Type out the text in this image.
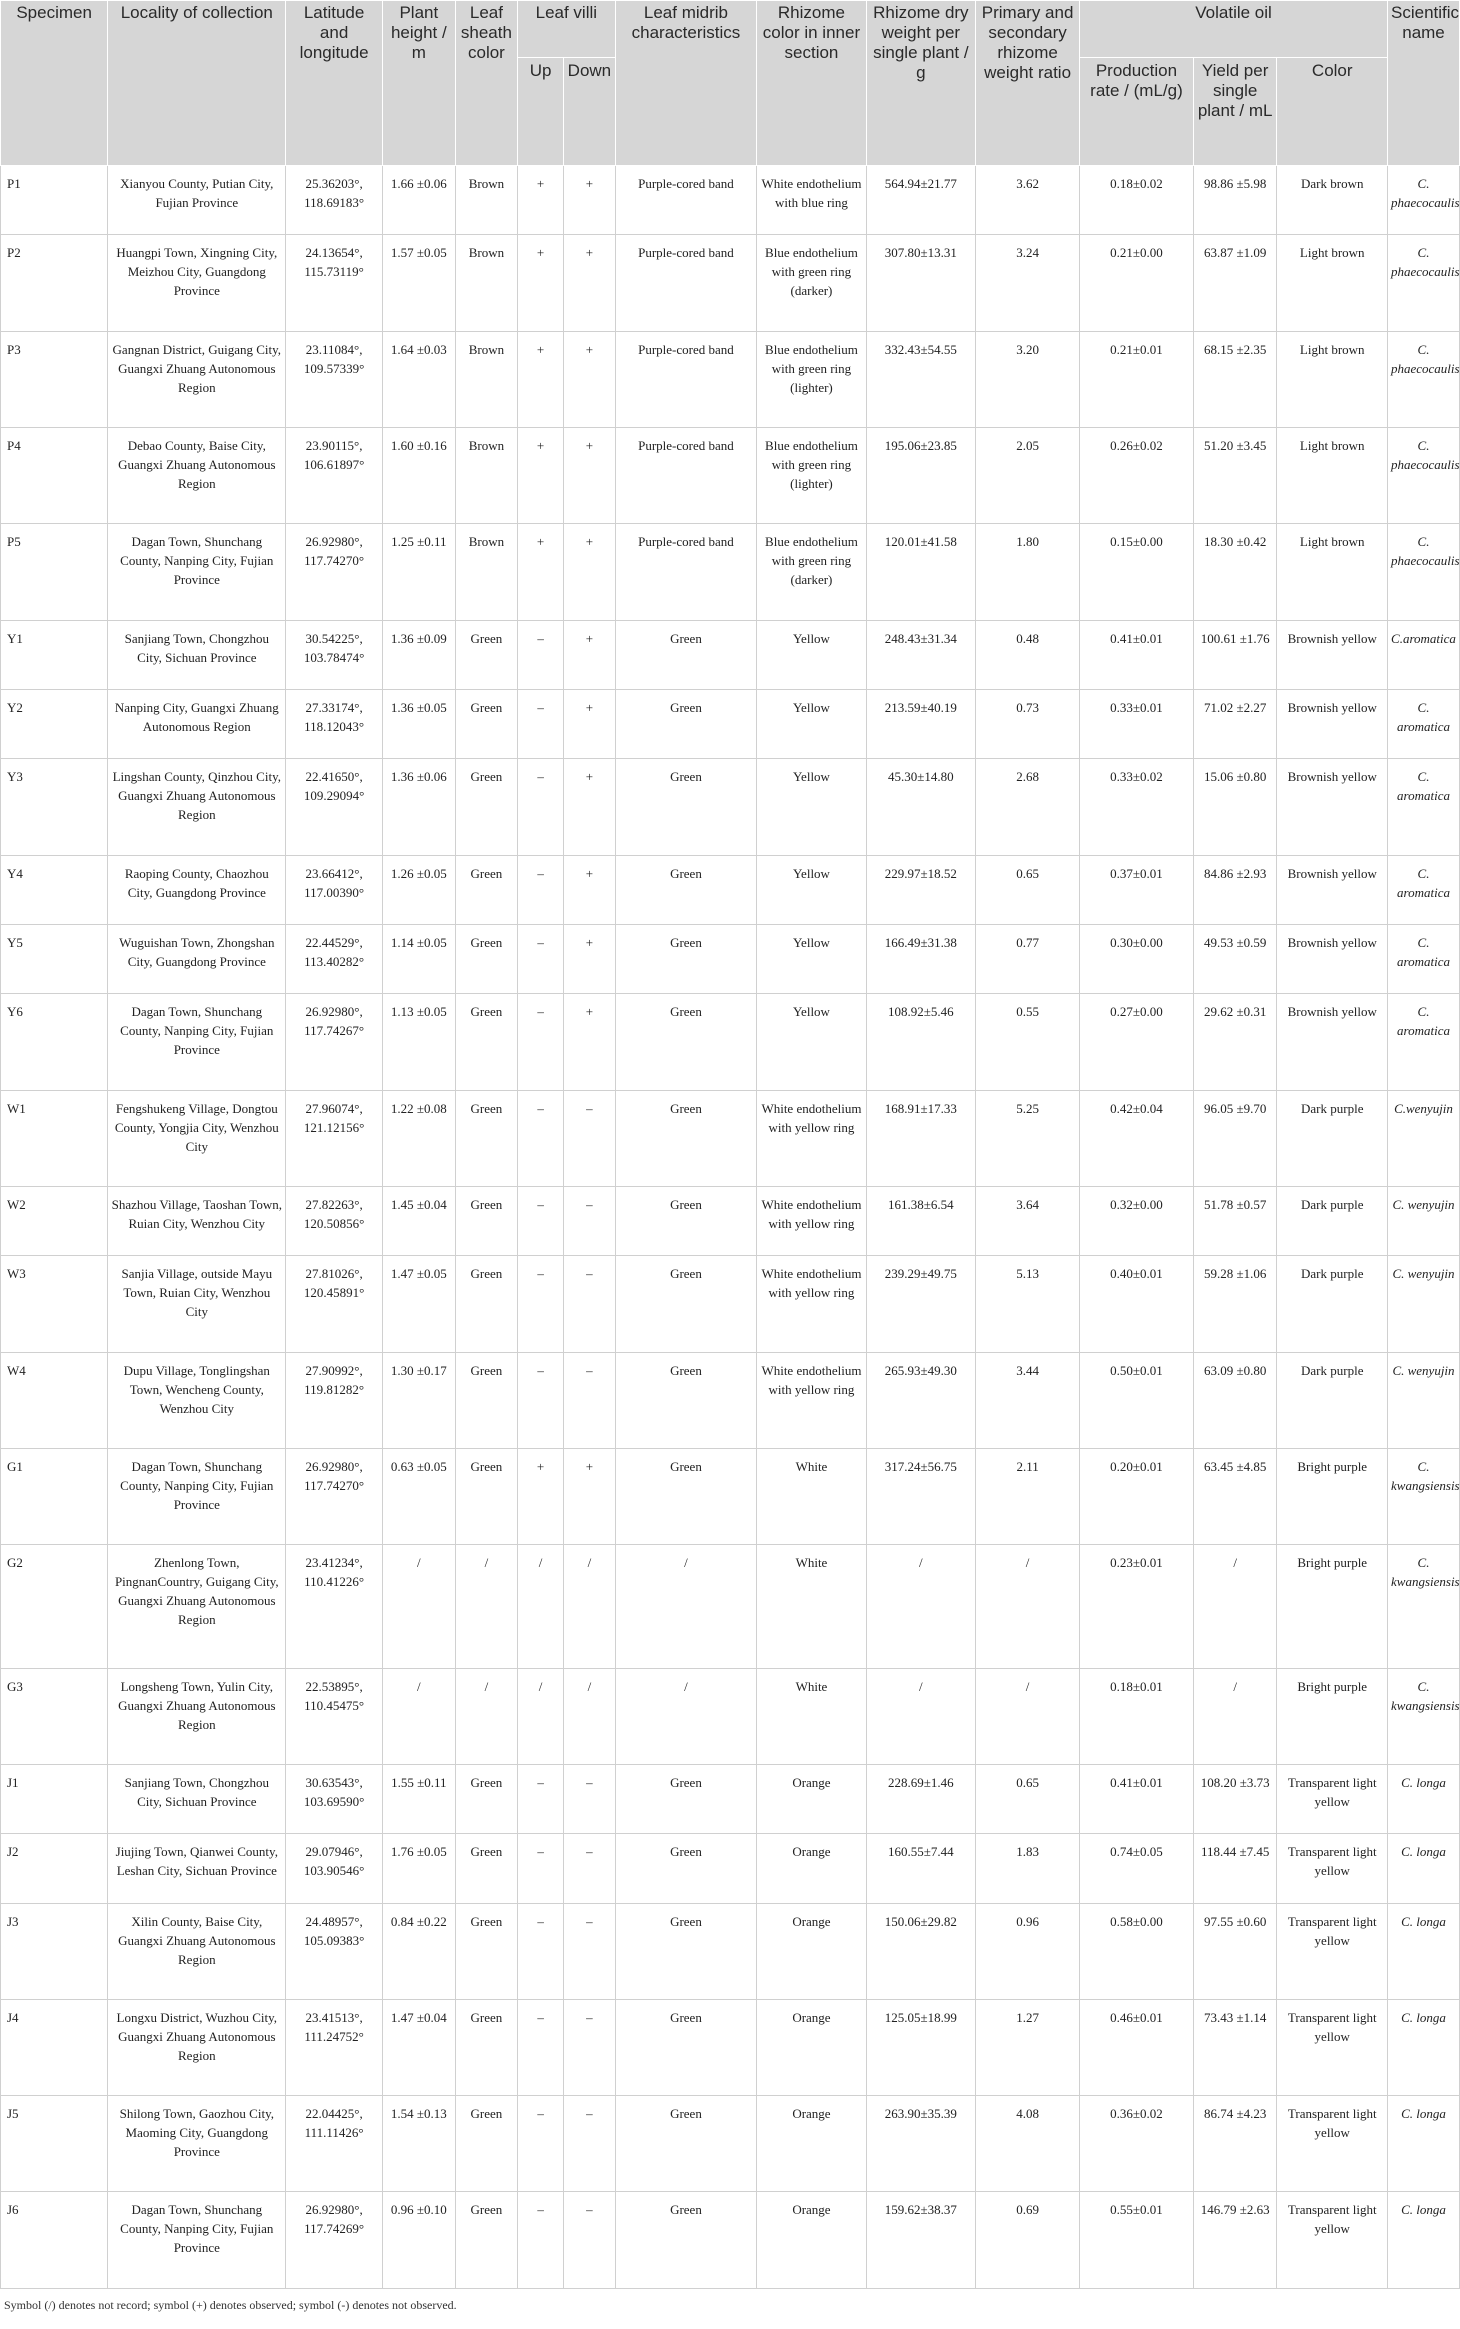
Specimen	Locality of collection	Latitude and longitude	Plant height / m	Leaf sheath color	Leaf villi		Leaf midrib characteristics	Rhizome color in inner section	Rhizome dry weight per single plant / g	Primary and secondary rhizome weight ratio	Volatile oil			Scientific name
					Up	Down					Production rate / (mL/g)	Yield per single plant / mL	Color	
P1	Xianyou County, Putian City, Fujian Province	25.36203°, 118.69183°	1.66 ±0.06	Brown	+	+	Purple-cored band	White endothelium with blue ring	564.94±21.77	3.62	0.18±0.02	98.86 ±5.98	Dark brown	C. phaecocaulis
P2	Huangpi Town, Xingning City, Meizhou City, Guangdong Province	24.13654°, 115.73119°	1.57 ±0.05	Brown	+	+	Purple-cored band	Blue endothelium with green ring (darker)	307.80±13.31	3.24	0.21±0.00	63.87 ±1.09	Light brown	C. phaecocaulis
P3	Gangnan District, Guigang City, Guangxi Zhuang Autonomous Region	23.11084°, 109.57339°	1.64 ±0.03	Brown	+	+	Purple-cored band	Blue endothelium with green ring (lighter)	332.43±54.55	3.20	0.21±0.01	68.15 ±2.35	Light brown	C. phaecocaulis
P4	Debao County, Baise City, Guangxi Zhuang Autonomous Region	23.90115°, 106.61897°	1.60 ±0.16	Brown	+	+	Purple-cored band	Blue endothelium with green ring (lighter)	195.06±23.85	2.05	0.26±0.02	51.20 ±3.45	Light brown	C. phaecocaulis
P5	Dagan Town, Shunchang County, Nanping City, Fujian Province	26.92980°, 117.74270°	1.25 ±0.11	Brown	+	+	Purple-cored band	Blue endothelium with green ring (darker)	120.01±41.58	1.80	0.15±0.00	18.30 ±0.42	Light brown	C. phaecocaulis
Y1	Sanjiang Town, Chongzhou City, Sichuan Province	30.54225°, 103.78474°	1.36 ±0.09	Green	–	+	Green	Yellow	248.43±31.34	0.48	0.41±0.01	100.61 ±1.76	Brownish yellow	C.aromatica
Y2	Nanping City, Guangxi Zhuang Autonomous Region	27.33174°, 118.12043°	1.36 ±0.05	Green	–	+	Green	Yellow	213.59±40.19	0.73	0.33±0.01	71.02 ±2.27	Brownish yellow	C. aromatica
Y3	Lingshan County, Qinzhou City, Guangxi Zhuang Autonomous Region	22.41650°, 109.29094°	1.36 ±0.06	Green	–	+	Green	Yellow	45.30±14.80	2.68	0.33±0.02	15.06 ±0.80	Brownish yellow	C. aromatica
Y4	Raoping County, Chaozhou City, Guangdong Province	23.66412°, 117.00390°	1.26 ±0.05	Green	–	+	Green	Yellow	229.97±18.52	0.65	0.37±0.01	84.86 ±2.93	Brownish yellow	C. aromatica
Y5	Wuguishan Town, Zhongshan City, Guangdong Province	22.44529°, 113.40282°	1.14 ±0.05	Green	–	+	Green	Yellow	166.49±31.38	0.77	0.30±0.00	49.53 ±0.59	Brownish yellow	C. aromatica
Y6	Dagan Town, Shunchang County, Nanping City, Fujian Province	26.92980°, 117.74267°	1.13 ±0.05	Green	–	+	Green	Yellow	108.92±5.46	0.55	0.27±0.00	29.62 ±0.31	Brownish yellow	C. aromatica
W1	Fengshukeng Village, Dongtou County, Yongjia City, Wenzhou City	27.96074°, 121.12156°	1.22 ±0.08	Green	–	–	Green	White endothelium with yellow ring	168.91±17.33	5.25	0.42±0.04	96.05 ±9.70	Dark purple	C.wenyujin
W2	Shazhou Village, Taoshan Town, Ruian City, Wenzhou City	27.82263°, 120.50856°	1.45 ±0.04	Green	–	–	Green	White endothelium with yellow ring	161.38±6.54	3.64	0.32±0.00	51.78 ±0.57	Dark purple	C. wenyujin
W3	Sanjia Village, outside Mayu Town, Ruian City, Wenzhou City	27.81026°, 120.45891°	1.47 ±0.05	Green	–	–	Green	White endothelium with yellow ring	239.29±49.75	5.13	0.40±0.01	59.28 ±1.06	Dark purple	C. wenyujin
W4	Dupu Village, Tonglingshan Town, Wencheng County, Wenzhou City	27.90992°, 119.81282°	1.30 ±0.17	Green	–	–	Green	White endothelium with yellow ring	265.93±49.30	3.44	0.50±0.01	63.09 ±0.80	Dark purple	C. wenyujin
G1	Dagan Town, Shunchang County, Nanping City, Fujian Province	26.92980°, 117.74270°	0.63 ±0.05	Green	+	+	Green	White	317.24±56.75	2.11	0.20±0.01	63.45 ±4.85	Bright purple	C. kwangsiensis
G2	Zhenlong Town, PingnanCountry, Guigang City, Guangxi Zhuang Autonomous Region	23.41234°, 110.41226°	/	/	/	/	/	White	/	/	0.23±0.01	/	Bright purple	C. kwangsiensis
G3	Longsheng Town, Yulin City, Guangxi Zhuang Autonomous Region	22.53895°, 110.45475°	/	/	/	/	/	White	/	/	0.18±0.01	/	Bright purple	C. kwangsiensis
J1	Sanjiang Town, Chongzhou City, Sichuan Province	30.63543°, 103.69590°	1.55 ±0.11	Green	–	–	Green	Orange	228.69±1.46	0.65	0.41±0.01	108.20 ±3.73	Transparent light yellow	C. longa
J2	Jiujing Town, Qianwei County, Leshan City, Sichuan Province	29.07946°, 103.90546°	1.76 ±0.05	Green	–	–	Green	Orange	160.55±7.44	1.83	0.74±0.05	118.44 ±7.45	Transparent light yellow	C. longa
J3	Xilin County, Baise City, Guangxi Zhuang Autonomous Region	24.48957°, 105.09383°	0.84 ±0.22	Green	–	–	Green	Orange	150.06±29.82	0.96	0.58±0.00	97.55 ±0.60	Transparent light yellow	C. longa
J4	Longxu District, Wuzhou City, Guangxi Zhuang Autonomous Region	23.41513°, 111.24752°	1.47 ±0.04	Green	–	–	Green	Orange	125.05±18.99	1.27	0.46±0.01	73.43 ±1.14	Transparent light yellow	C. longa
J5	Shilong Town, Gaozhou City, Maoming City, Guangdong Province	22.04425°, 111.11426°	1.54 ±0.13	Green	–	–	Green	Orange	263.90±35.39	4.08	0.36±0.02	86.74 ±4.23	Transparent light yellow	C. longa
J6	Dagan Town, Shunchang County, Nanping City, Fujian Province	26.92980°, 117.74269°	0.96 ±0.10	Green	–	–	Green	Orange	159.62±38.37	0.69	0.55±0.01	146.79 ±2.63	Transparent light yellow	C. longa
Symbol (/) denotes not record; symbol (+) denotes observed; symbol (-) denotes not observed.
